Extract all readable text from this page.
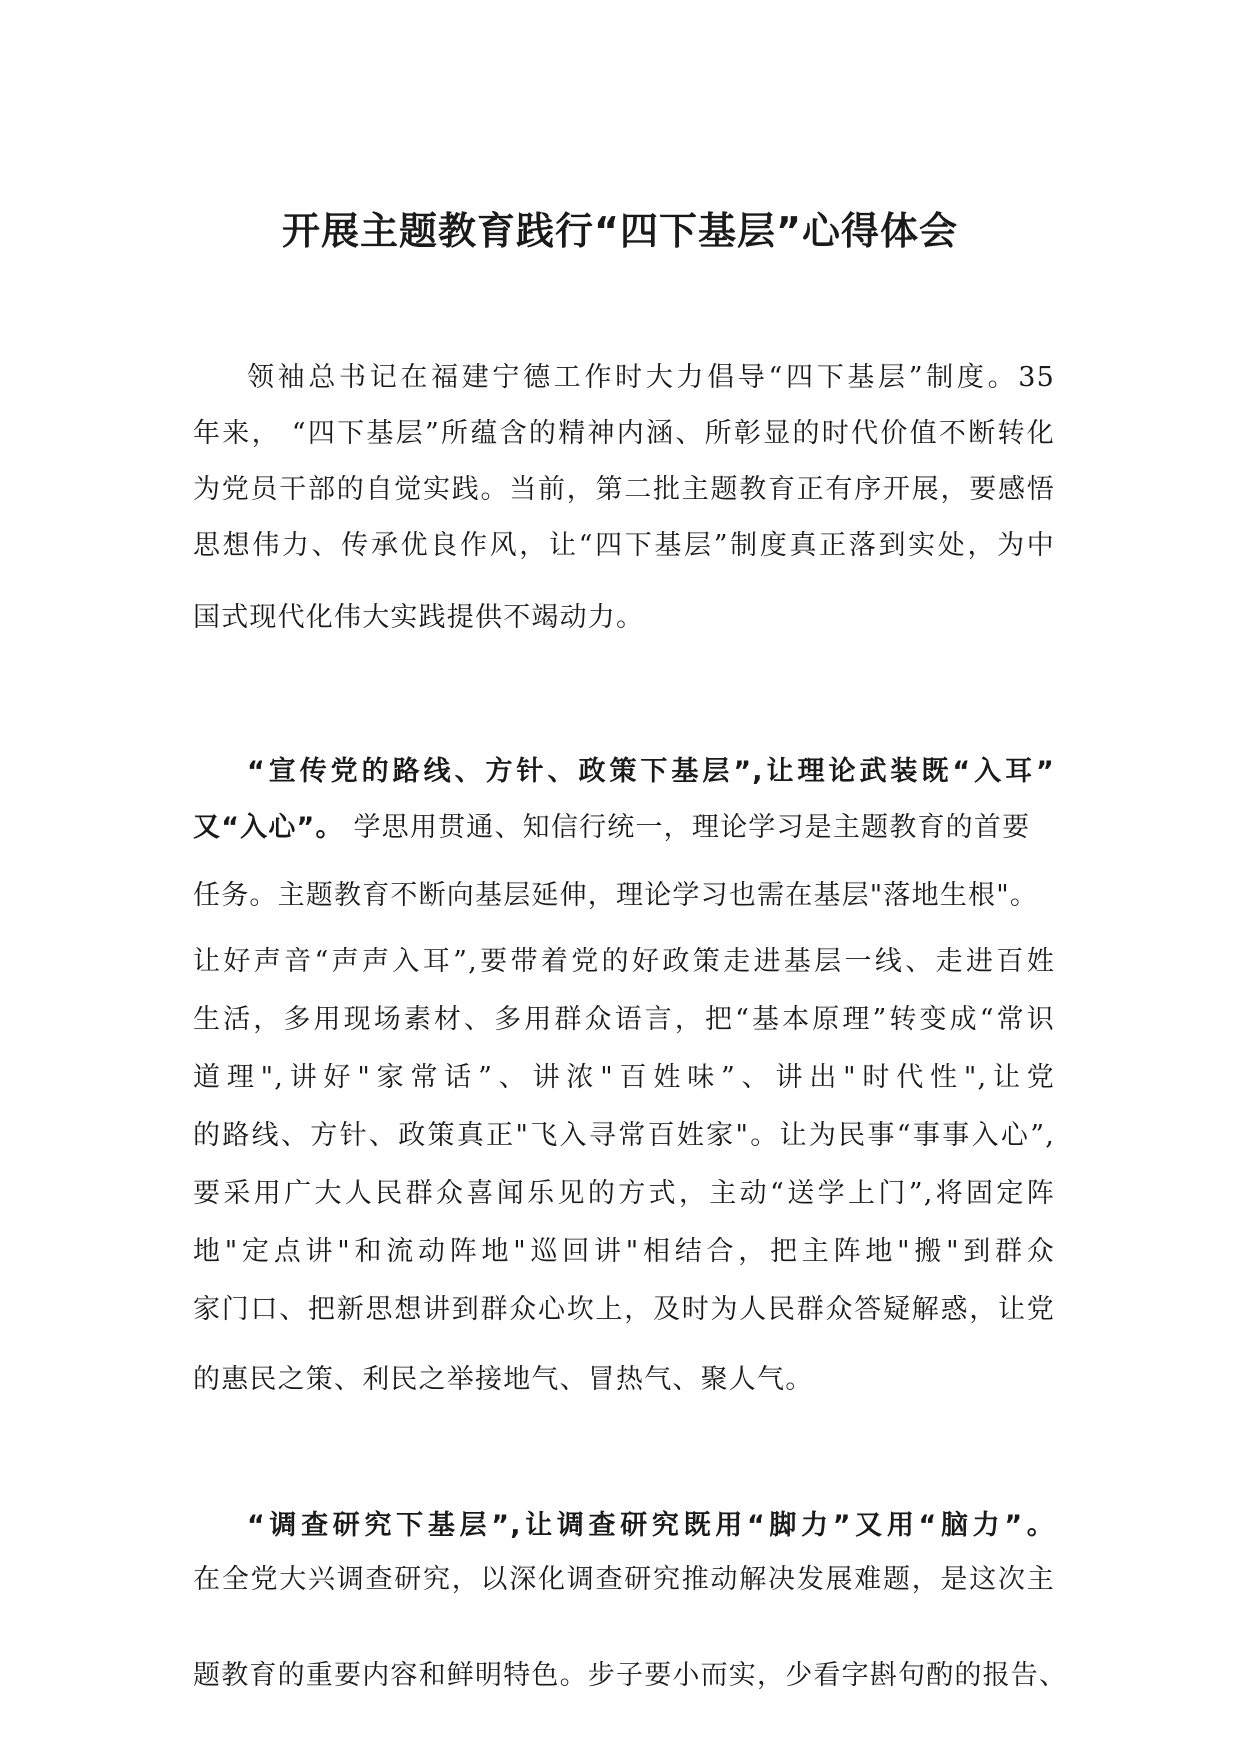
开展主题教育践行“四下基层”心得体会

领袖总书记在福建宁德工作时大力倡导“四下基层”制度。35

年来， “四下基层”所蕴含的精神内涵、所彰显的时代价值不断转化

为党员干部的自觉实践。当前，第二批主题教育正有序开展，要感悟

思想伟力、传承优良作风，让“四下基层”制度真正落到实处，为中

国式现代化伟大实践提供不竭动力。

“宣传党的路线、方针、政策下基层”,让理论武装既“入耳”

又“入心”。 学思用贯通、知信行统一，理论学习是主题教育的首要

任务。主题教育不断向基层延伸，理论学习也需在基层"落地生根"。

让好声音“声声入耳”,要带着党的好政策走进基层一线、走进百姓

生活，多用现场素材、多用群众语言，把“基本原理”转变成“常识

道理",讲好"家常话”、讲浓"百姓味”、讲出"时代性",让党

的路线、方针、政策真正"飞入寻常百姓家"。让为民事“事事入心”,

要采用广大人民群众喜闻乐见的方式，主动“送学上门”,将固定阵

地"定点讲"和流动阵地"巡回讲"相结合，把主阵地"搬"到群众

家门口、把新思想讲到群众心坎上，及时为人民群众答疑解惑，让党

的惠民之策、利民之举接地气、冒热气、聚人气。

“调查研究下基层”,让调查研究既用“脚力”又用“脑力”。

在全党大兴调查研究，以深化调查研究推动解决发展难题，是这次主

题教育的重要内容和鲜明特色。步子要小而实，少看字斟句酌的报告、
